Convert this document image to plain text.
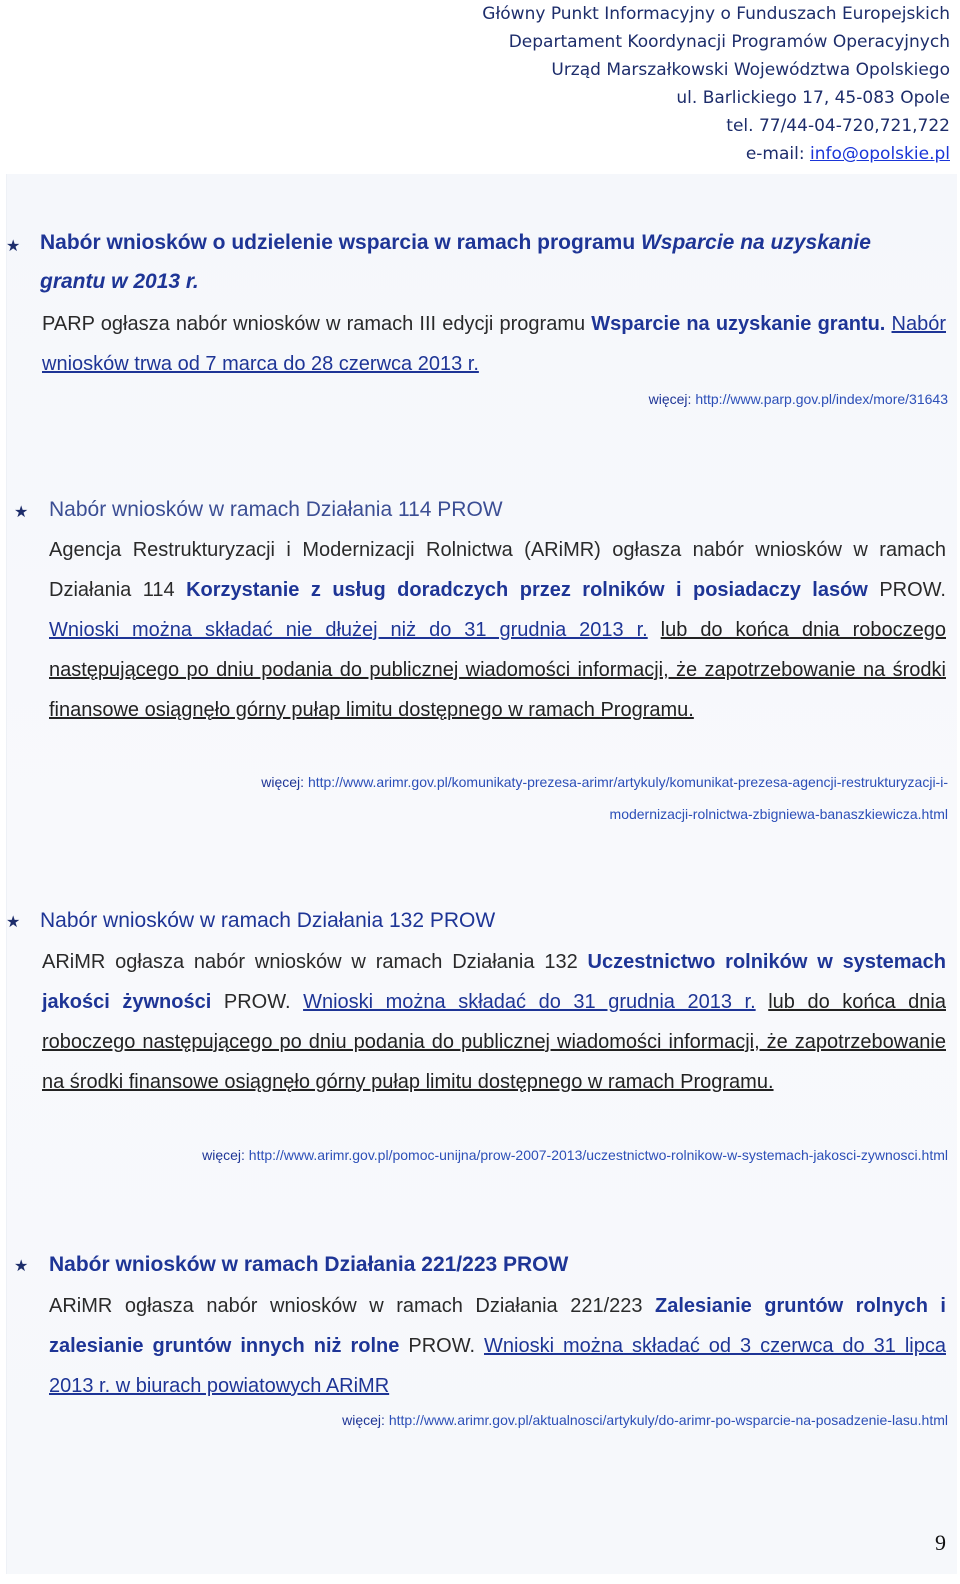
Główny Punkt Informacyjny o Funduszach Europejskich
Departament Koordynacji Programów Operacyjnych
Urząd Marszałkowski Województwa Opolskiego
ul. Barlickiego 17, 45-083 Opole
tel. 77/44-04-720,721,722
e-mail: info@opolskie.pl
★ Nabór wniosków o udzielenie wsparcia w ramach programu Wsparcie na uzyskanie
grantu w 2013 r.
PARP ogłasza nabór wniosków w ramach III edycji programu Wsparcie na uzyskanie grantu. Nabór wniosków trwa od 7 marca do 28 czerwca 2013 r.
więcej: http://www.parp.gov.pl/index/more/31643
★ Nabór wniosków w ramach Działania 114 PROW
Agencja Restrukturyzacji i Modernizacji Rolnictwa (ARiMR) ogłasza nabór wniosków w ramach Działania 114 Korzystanie z usług doradczych przez rolników i posiadaczy lasów PROW. Wnioski można składać nie dłużej niż do 31 grudnia 2013 r. lub do końca dnia roboczego następującego po dniu podania do publicznej wiadomości informacji, że zapotrzebowanie na środki finansowe osiągnęło górny pułap limitu dostępnego w ramach Programu.
więcej: http://www.arimr.gov.pl/komunikaty-prezesa-arimr/artykuly/komunikat-prezesa-agencji-restrukturyzacji-i-
modernizacji-rolnictwa-zbigniewa-banaszkiewicza.html
★ Nabór wniosków w ramach Działania 132 PROW
ARiMR ogłasza nabór wniosków w ramach Działania 132 Uczestnictwo rolników w systemach jakości żywności PROW. Wnioski można składać do 31 grudnia 2013 r. lub do końca dnia roboczego następującego po dniu podania do publicznej wiadomości informacji, że zapotrzebowanie na środki finansowe osiągnęło górny pułap limitu dostępnego w ramach Programu.
więcej: http://www.arimr.gov.pl/pomoc-unijna/prow-2007-2013/uczestnictwo-rolnikow-w-systemach-jakosci-zywnosci.html
★ Nabór wniosków w ramach Działania 221/223 PROW
ARiMR ogłasza nabór wniosków w ramach Działania 221/223 Zalesianie gruntów rolnych i zalesianie gruntów innych niż rolne PROW. Wnioski można składać od 3 czerwca do 31 lipca 2013 r. w biurach powiatowych ARiMR
więcej: http://www.arimr.gov.pl/aktualnosci/artykuly/do-arimr-po-wsparcie-na-posadzenie-lasu.html
9
